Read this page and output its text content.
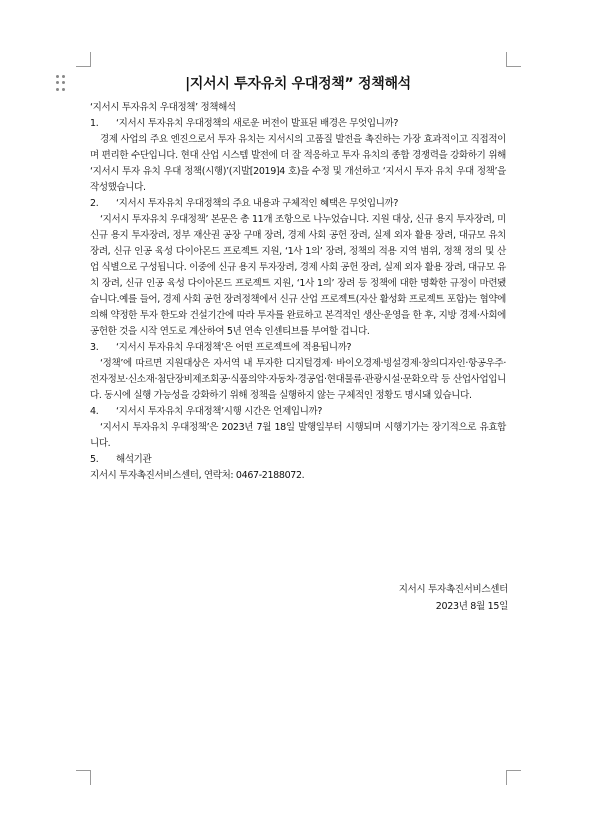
|지서시 투자유치 우대정책” 정책해석

‘지서시 투자유치 우대정책’ 정책해석

1. ‘지서시 투자유치 우대정책의 새로운 버전이 발표된 배경은 무엇입니까?

경제 사업의 주요 엔진으로서 투자 유치는 지서시의 고품질 발전을 촉진하는 가장 효과적이고 직접적이며 편리한 수단입니다. 현대 산업 시스템 발전에 더 잘 적응하고 투자 유치의 종합 경쟁력을 강화하기 위해 ‘지서시 투자 유치 우대 정책(시행)’(지발[2019]4 호)을 수정 및 개선하고 ‘지서시 투자 유치 우대 정책’을 작성했습니다.

2. ‘지서시 투자유치 우대정책의 주요 내용과 구체적인 혜택은 무엇입니까?

‘지서시 투자유치 우대정책’ 본문은 총 11개 조항으로 나누었습니다. 지원 대상, 신규 용지 투자장려, 미 신규 용지 투자장려, 정부 재산권 공장 구매 장려, 경제 사회 공헌 장려, 실제 외자 활용 장려, 대규모 유치 장려, 신규 인공 육성 다이아몬드 프로젝트 지원, ‘1사 1의’ 장려, 정책의 적용 지역 범위, 정책 정의 및 산업 식별으로 구성됩니다. 이중에 신규 용지 투자장려, 경제 사회 공헌 장려, 실제 외자 활용 장려, 대규모 유치 장려, 신규 인공 육성 다이아몬드 프로젝트 지원, ‘1사 1의’ 장려 등 정책에 대한 명확한 규정이 마련됐습니다.예를 들어, 경제 사회 공헌 장려정책에서 신규 산업 프로젝트(자산 활성화 프로젝트 포함)는 협약에 의해 약정한 투자 한도와 건설기간에 따라 투자를 완료하고 본격적인 생산·운영을 한 후, 지방 경제·사회에 공헌한 것을 시작 연도로 계산하여 5년 연속 인센티브를 부여할 겁니다.

3. ‘지서시 투자유치 우대정책’은 어떤 프로젝트에 적용됩니까?

‘정책’에 따르면 지원대상은 자서역 내 투자한 디지털경제· 바이오경제·빙설경제·창의디자인·항공우주·전자정보·신소재·첨단장비제조회공·식품의약·자동차·경공업·현대물류·관광시설·문화오락 등 산업사업입니다. 동시에 실행 가능성을 강화하기 위해 정책을 실행하지 않는 구체적인 정황도 명시돼 있습니다.

4. ‘지서시 투자유치 우대정책’시행 시간은 언제입니까?

‘지서시 투자유치 우대정책’은 2023년 7월 18일 발행일부터 시행되며 시행기가는 장기적으로 유효합니다.

5. 해석기관

지서시 투자촉진서비스센터, 연락처: 0467-2188072.

지서시 투자촉진서비스센터
2023년 8월 15일
